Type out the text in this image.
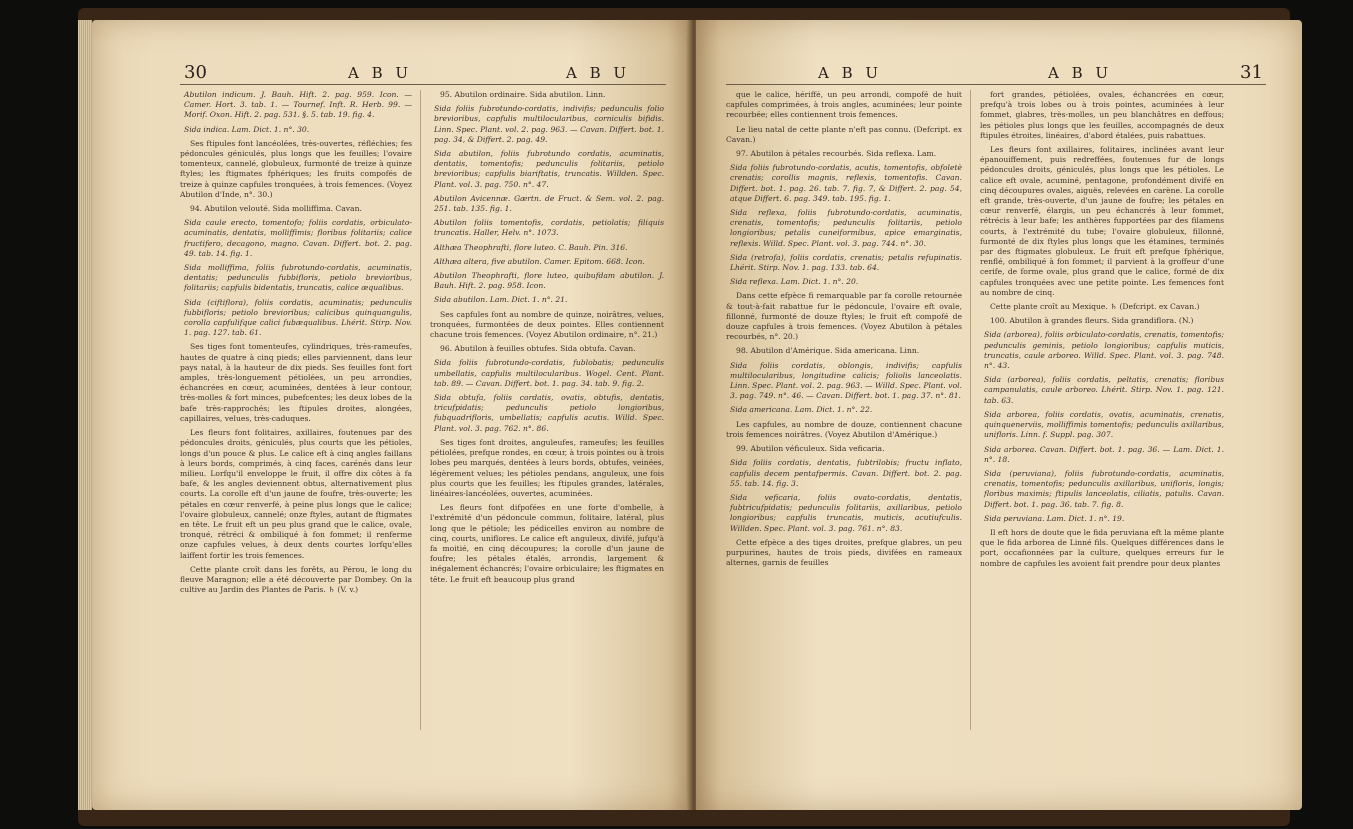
30	A B U	A B U

Abutilon indicum. J. Bauh. Hift. 2. pag. 959. Icon. — Camer. Hort. 3. tab. 1. — Tournef. Inft. R. Herb. 99. — Morif. Oxon. Hift. 2. pag. 531. §. 5. tab. 19. fig. 4.

Sida indica. Lam. Dict. 1. n°. 30.

Ses ftipules font lancéolées, très-ouvertes, réfléchies; fes pédoncules géniculés, plus longs que les feuilles; l'ovaire tomenteux, cannelé, globuleux, furmonté de treize à quinze ftyles; les ftigmates fphériques; les fruits compofés de treize à quinze capfules tronquées, à trois femences. (Voyez Abutilon d'Inde, n°. 30.)

94. Abutilon velouté. Sida molliffima. Cavan.

Sida caule erecto, tomentofo; foliis cordatis, orbiculato-acuminatis, dentatis, molliffimis; floribus folitariis; calice fructifero, decagono, magno. Cavan. Differt. bot. 2. pag. 49. tab. 14. fig. 1.

Sida molliffima, foliis fubrotundo-cordatis, acuminatis, dentatis; pedunculis fubbifloris, petiolo brevioribus, folitariis; capfulis bidentatis, truncatis, calice æqualibus.

Sida (ciftiflora), foliis cordatis, acuminatis; pedunculis fubbifloris; petiolo brevioribus; calicibus quinquangulis, corolla capfulifque calici fubæqualibus. Lhérit. Stirp. Nov. 1. pag. 127. tab. 61.

Ses tiges font tomenteufes, cylindriques, très-rameufes, hautes de quatre à cinq pieds; elles parviennent, dans leur pays natal, à la hauteur de dix pieds. Ses feuilles font fort amples, très-longuement pétiolées, un peu arrondies, échancrées en cœur, acuminées, dentées à leur contour, très-molles & fort minces, pubefcentes; les deux lobes de la bafe très-rapprochés; les ftipules droites, alongées, capillaires, velues, très-caduques.

Les fleurs font folitaires, axillaires, foutenues par des pédoncules droits, géniculés, plus courts que les pétioles, longs d'un pouce & plus. Le calice eft à cinq angles faillans à leurs bords, comprimés, à cinq faces, carénés dans leur milieu. Lorfqu'il enveloppe le fruit, il offre dix côtes à fa bafe, & les angles deviennent obtus, alternativement plus courts. La corolle eft d'un jaune de foufre, très-ouverte; les pétales en cœur renverfé, à peine plus longs que le calice; l'ovaire globuleux, cannelé; onze ftyles, autant de ftigmates en tête. Le fruit eft un peu plus grand que le calice, ovale, tronqué, rétréci & ombiliqué à fon fommet; il renferme onze capfules velues, à deux dents courtes lorfqu'elles laiffent fortir les trois femences.

Cette plante croît dans les forêts, au Pérou, le long du fleuve Maragnon; elle a été découverte par Dombey. On la cultive au Jardin des Plantes de Paris. ♄ (V. v.)

95. Abutilon ordinaire. Sida abutilon. Linn.

Sida foliis fubrotundo-cordatis, indivifis; pedunculis folio brevioribus, capfulis multilocularibus, corniculis bifidis. Linn. Spec. Plant. vol. 2. pag. 963. — Cavan. Differt. bot. 1. pag. 34, & Differt. 2. pag. 49.

Sida abutilon, foliis fubrotundo cordatis, acuminatis, dentatis, tomentofis; pedunculis folitariis, petiolo brevioribus; capfulis biariftatis, truncatis. Willden. Spec. Plant. vol. 3. pag. 750. n°. 47.

Abutilon Avicennæ. Gærtn. de Fruct. & Sem. vol. 2. pag. 251. tab. 135. fig. 1.

Abutilon foliis tomentofis, cordatis, petiolatis; filiquis truncatis. Haller, Helv. n°. 1073.

Althæa Theophrafti, flore luteo. C. Bauh. Pin. 316.

Althæa altera, five abutilon. Camer. Epitom. 668. Icon.

Abutilon Theophrafti, flore luteo, quibufdam abutilon. J. Bauh. Hift. 2. pag. 958. Icon.

Sida abutilon. Lam. Dict. 1. n°. 21.

Ses capfules font au nombre de quinze, noirâtres, velues, tronquées, furmontées de deux pointes. Elles contiennent chacune trois femences. (Voyez Abutilon ordinaire, n°. 21.)

96. Abutilon à feuilles obtufes. Sida obtufa. Cavan.

Sida foliis fubrotundo-cordatis, fublobatis; pedunculis umbellatis, capfulis multilocularibus. Wogel. Cent. Plant. tab. 89. — Cavan. Differt. bot. 1. pag. 34. tab. 9. fig. 2.

Sida obtufa, foliis cordatis, ovatis, obtufis, dentatis, tricufpidatis; pedunculis petiolo longioribus, fubquadrifloris, umbellatis; capfulis acutis. Willd. Spec. Plant. vol. 3. pag. 762. n°. 86.

Ses tiges font droites, anguleufes, rameufes; les feuilles pétiolées, prefque rondes, en cœur, à trois pointes ou à trois lobes peu marqués, dentées à leurs bords, obtufes, veinées, légèrement velues; les pétioles pendans, anguleux, une fois plus courts que les feuilles; les ftipules grandes, latérales, linéaires-lancéolées, ouvertes, acuminées.

Les fleurs font difpofées en une forte d'ombelle, à l'extrémité d'un pédoncule commun, folitaire, latéral, plus long que le pétiole; les pédicelles environ au nombre de cinq, courts, uniflores. Le calice eft anguleux, divifé, jufqu'à fa moitié, en cinq découpures; la corolle d'un jaune de foufre; les pétales étalés, arrondis, largement & inégalement échancrés; l'ovaire orbiculaire; les ftigmates en tête. Le fruit eft beaucoup plus grand

A B U	A B U	31

que le calice, hériffé, un peu arrondi, compofé de huit capfules comprimées, à trois angles, acuminées; leur pointe recourbée; elles contiennent trois femences.

Le lieu natal de cette plante n'eft pas connu. (Defcript. ex Cavan.)

97. Abutilon à pétales recourbés. Sida reflexa. Lam.

Sida foliis fubrotundo-cordatis, acutis, tomentofis, obfoletè crenatis; corollis magnis, reflexis, tomentofis. Cavan. Differt. bot. 1. pag. 26. tab. 7. fig. 7, & Differt. 2. pag. 54, atque Differt. 6. pag. 349. tab. 195. fig. 1.

Sida reflexa, foliis fubrotundo-cordatis, acuminatis, crenatis, tomentofis; pedunculis folitariis, petiolo longioribus; petalis cuneiformibus, apice emarginatis, reflexis. Willd. Spec. Plant. vol. 3. pag. 744. n°. 30.

Sida (retrofa), foliis cordatis, crenatis; petalis refupinatis. Lhérit. Stirp. Nov. 1. pag. 133. tab. 64.

Sida reflexa. Lam. Dict. 1. n°. 20.

Dans cette efpèce fi remarquable par fa corolle retournée & tout-à-fait rabattue fur le pédoncule, l'ovaire eft ovale, fillonné, furmonté de douze ftyles; le fruit eft compofé de douze capfules à trois femences. (Voyez Abutilon à pétales recourbés, n°. 20.)

98. Abutilon d'Amérique. Sida americana. Linn.

Sida foliis cordatis, oblongis, indivifis; capfulis multilocularibus, longitudine calicis; foliolis lanceolatis. Linn. Spec. Plant. vol. 2. pag. 963. — Willd. Spec. Plant. vol. 3. pag. 749. n°. 46. — Cavan. Differt. bot. 1. pag. 37. n°. 81.

Sida americana. Lam. Dict. 1. n°. 22.

Les capfules, au nombre de douze, contiennent chacune trois femences noirâtres. (Voyez Abutilon d'Amérique.)

99. Abutilon véficuleux. Sida veficaria.

Sida foliis cordatis, dentatis, fubtrilobis; fructu inflato, capfulis decem pentafpermis. Cavan. Differt. bot. 2. pag. 55. tab. 14. fig. 3.

Sida veficaria, foliis ovato-cordatis, dentatis, fubtricufpidatis; pedunculis folitariis, axillaribus, petiolo longioribus; capfulis truncatis, muticis, acutiufculis. Willden. Spec. Plant. vol. 3. pag. 761. n°. 83.

Cette efpèce a des tiges droites, prefque glabres, un peu purpurines, hautes de trois pieds, divifées en rameaux alternes, garnis de feuilles

fort grandes, pétiolées, ovales, échancrées en cœur, prefqu'à trois lobes ou à trois pointes, acuminées à leur fommet, glabres, très-molles, un peu blanchâtres en deffous; les pétioles plus longs que les feuilles, accompagnés de deux ftipules étroites, linéaires, d'abord étalées, puis rabattues.

Les fleurs font axillaires, folitaires, inclinées avant leur épanouiffement, puis redreffées, foutenues fur de longs pédoncules droits, géniculés, plus longs que les pétioles. Le calice eft ovale, acuminé, pentagone, profondément divifé en cinq découpures ovales, aiguës, relevées en carène. La corolle eft grande, très-ouverte, d'un jaune de foufre; les pétales en cœur renverfé, élargis, un peu échancrés à leur fommet, rétrécis à leur bafe; les anthères fupportées par des filamens courts, à l'extrémité du tube; l'ovaire globuleux, fillonné, furmonté de dix ftyles plus longs que les étamines, terminés par des ftigmates globuleux. Le fruit eft prefque fphérique, renflé, ombiliqué à fon fommet; il parvient à la groffeur d'une cerife, de forme ovale, plus grand que le calice, formé de dix capfules tronquées avec une petite pointe. Les femences font au nombre de cinq.

Cette plante croît au Mexique. ♄ (Defcript. ex Cavan.)

100. Abutilon à grandes fleurs. Sida grandiflora. (N.)

Sida (arborea), foliis orbiculato-cordatis, crenatis, tomentofis; pedunculis geminis, petiolo longioribus; capfulis muticis, truncatis, caule arboreo. Willd. Spec. Plant. vol. 3. pag. 748. n°. 43.

Sida (arborea), foliis cordatis, peltatis, crenatis; floribus campanulatis, caule arboreo. Lhérit. Stirp. Nov. 1. pag. 121. tab. 63.

Sida arborea, foliis cordatis, ovatis, acuminatis, crenatis, quinquenerviis, molliffimis tomentofis; pedunculis axillaribus, unifloris. Linn. f. Suppl. pag. 307.

Sida arborea. Cavan. Differt. bot. 1. pag. 36. — Lam. Dict. 1. n°. 18.

Sida (peruviana), foliis fubrotundo-cordatis, acuminatis, crenatis, tomentofis; pedunculis axillaribus, unifloris, longis; floribus maximis; ftipulis lanceolatis, ciliatis, patulis. Cavan. Differt. bot. 1. pag. 36. tab. 7. fig. 8.

Sida peruviana. Lam. Dict. 1. n°. 19.

Il eft hors de doute que le fida peruviana eft la même plante que le fida arborea de Linné fils. Quelques différences dans le port, occafionnées par la culture, quelques erreurs fur le nombre de capfules les avoient fait prendre pour deux plantes
